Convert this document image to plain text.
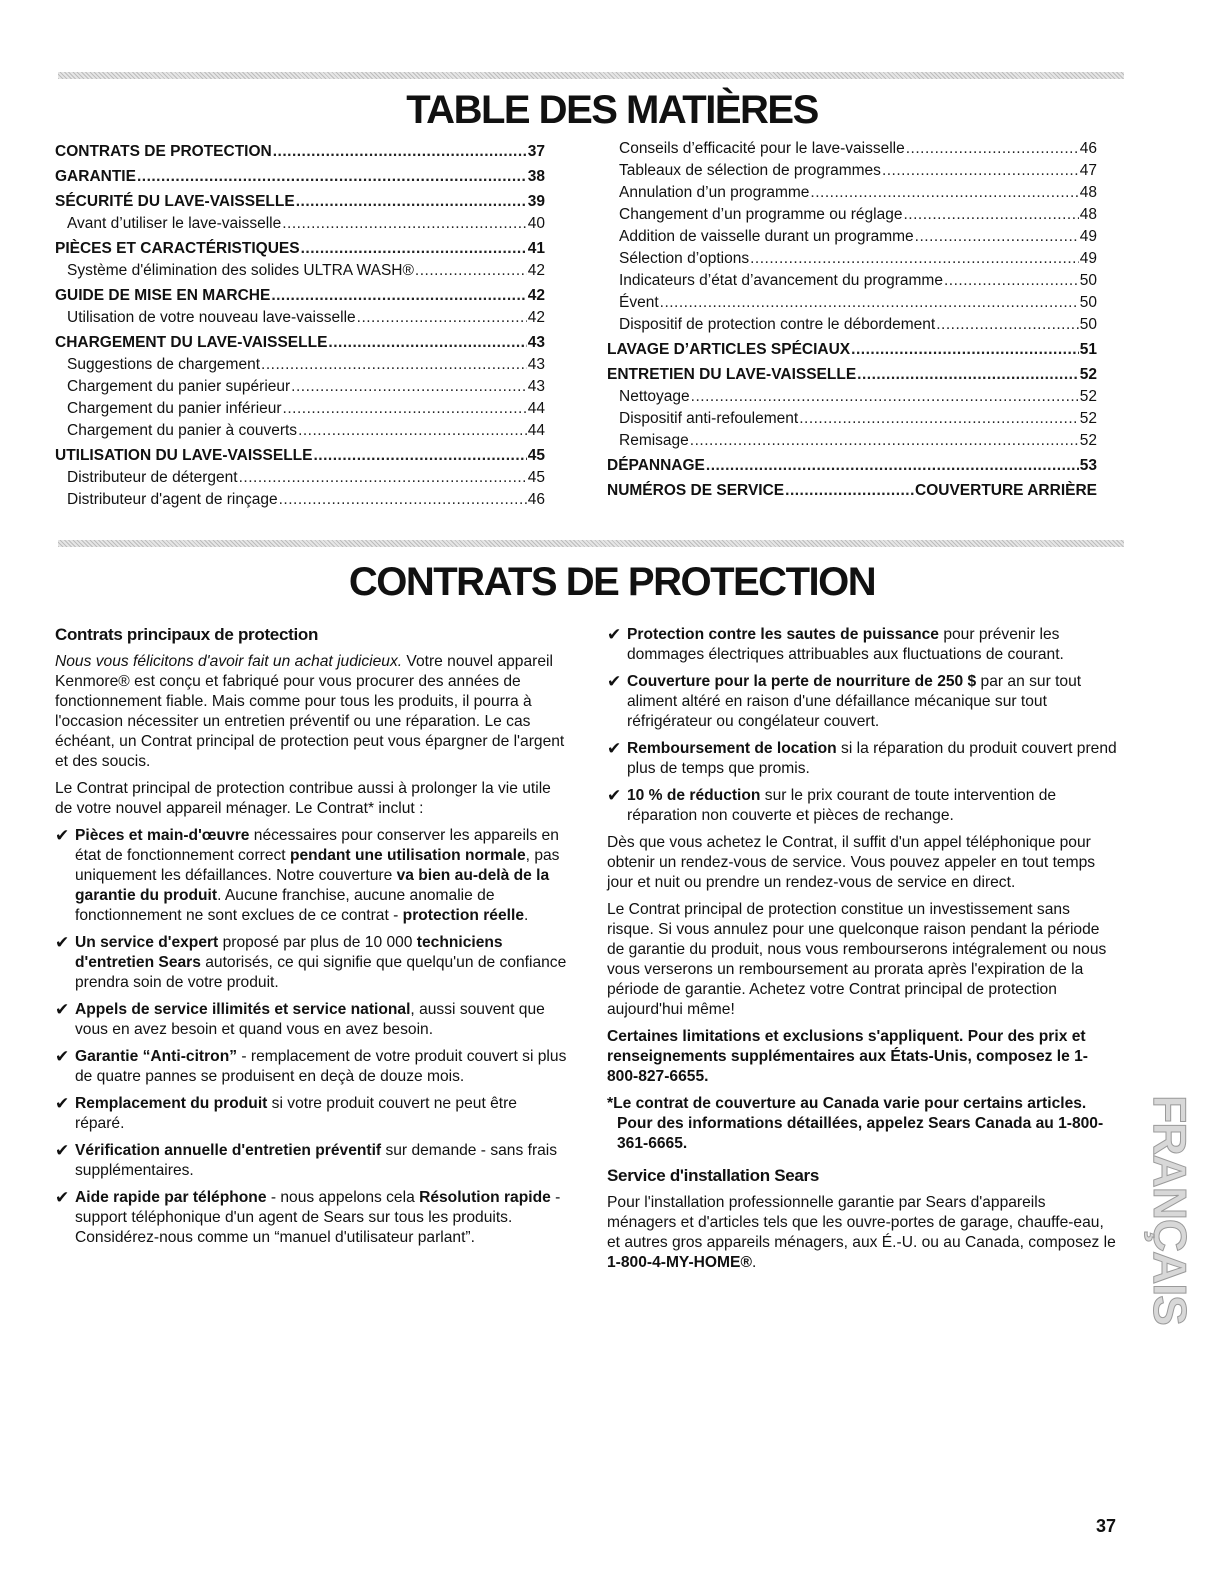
TABLE DES MATIÈRES
CONTRATS DE PROTECTION .....	37
GARANTIE .....	38
SÉCURITÉ DU LAVE-VAISSELLE .....	39
Avant d’utiliser le lave-vaisselle .....	40
PIÈCES ET CARACTÉRISTIQUES .....	41
Système d'élimination des solides ULTRA WASH® .....	42
GUIDE DE MISE EN MARCHE .....	42
Utilisation de votre nouveau lave-vaisselle .....	42
CHARGEMENT DU LAVE-VAISSELLE .....	43
Suggestions de chargement .....	43
Chargement du panier supérieur .....	43
Chargement du panier inférieur .....	44
Chargement du panier à couverts .....	44
UTILISATION DU LAVE-VAISSELLE .....	45
Distributeur de détergent .....	45
Distributeur d'agent de rinçage .....	46
Conseils d’efficacité pour le lave-vaisselle .....	46
Tableaux de sélection de programmes .....	47
Annulation d’un programme .....	48
Changement d’un programme ou réglage .....	48
Addition de vaisselle durant un programme .....	49
Sélection d’options .....	49
Indicateurs d’état d’avancement du programme .....	50
Évent .....	50
Dispositif de protection contre le débordement .....	50
LAVAGE D’ARTICLES SPÉCIAUX .....	51
ENTRETIEN DU LAVE-VAISSELLE .....	52
Nettoyage .....	52
Dispositif anti-refoulement .....	52
Remisage .....	52
DÉPANNAGE .....	53
NUMÉROS DE SERVICE .....	COUVERTURE ARRIÈRE
CONTRATS DE PROTECTION

Contrats principaux de protection

Nous vous félicitons d'avoir fait un achat judicieux. Votre nouvel appareil Kenmore® est conçu et fabriqué pour vous procurer des années de fonctionnement fiable. Mais comme pour tous les produits, il pourra à l'occasion nécessiter un entretien préventif ou une réparation. Le cas échéant, un Contrat principal de protection peut vous épargner de l'argent et des soucis.

Le Contrat principal de protection contribue aussi à prolonger la vie utile de votre nouvel appareil ménager. Le Contrat* inclut :

✔ Pièces et main-d'œuvre nécessaires pour conserver les appareils en état de fonctionnement correct pendant une utilisation normale, pas uniquement les défaillances. Notre couverture va bien au-delà de la garantie du produit. Aucune franchise, aucune anomalie de fonctionnement ne sont exclues de ce contrat - protection réelle.

✔ Un service d'expert proposé par plus de 10 000 techniciens d'entretien Sears autorisés, ce qui signifie que quelqu'un de confiance prendra soin de votre produit.

✔ Appels de service illimités et service national, aussi souvent que vous en avez besoin et quand vous en avez besoin.

✔ Garantie “Anti-citron” - remplacement de votre produit couvert si plus de quatre pannes se produisent en deçà de douze mois.

✔ Remplacement du produit si votre produit couvert ne peut être réparé.

✔ Vérification annuelle d'entretien préventif sur demande - sans frais supplémentaires.

✔ Aide rapide par téléphone - nous appelons cela Résolution rapide - support téléphonique d'un agent de Sears sur tous les produits. Considérez-nous comme un “manuel d'utilisateur parlant”.

✔ Protection contre les sautes de puissance pour prévenir les dommages électriques attribuables aux fluctuations de courant.

✔ Couverture pour la perte de nourriture de 250 $ par an sur tout aliment altéré en raison d'une défaillance mécanique sur tout réfrigérateur ou congélateur couvert.

✔ Remboursement de location si la réparation du produit couvert prend plus de temps que promis.

✔ 10 % de réduction sur le prix courant de toute intervention de réparation non couverte et pièces de rechange.

Dès que vous achetez le Contrat, il suffit d'un appel téléphonique pour obtenir un rendez-vous de service. Vous pouvez appeler en tout temps jour et nuit ou prendre un rendez-vous de service en direct.

Le Contrat principal de protection constitue un investissement sans risque. Si vous annulez pour une quelconque raison pendant la période de garantie du produit, nous vous rembourserons intégralement ou nous vous verserons un remboursement au prorata après l'expiration de la période de garantie. Achetez votre Contrat principal de protection aujourd'hui même!

Certaines limitations et exclusions s'appliquent. Pour des prix et renseignements supplémentaires aux États-Unis, composez le 1-800-827-6655.

*Le contrat de couverture au Canada varie pour certains articles. Pour des informations détaillées, appelez Sears Canada au 1-800-361-6665.

Service d'installation Sears

Pour l'installation professionnelle garantie par Sears d'appareils ménagers et d'articles tels que les ouvre-portes de garage, chauffe-eau, et autres gros appareils ménagers, aux É.-U. ou au Canada, composez le 1-800-4-MY-HOME®.	FRANÇAIS
37
